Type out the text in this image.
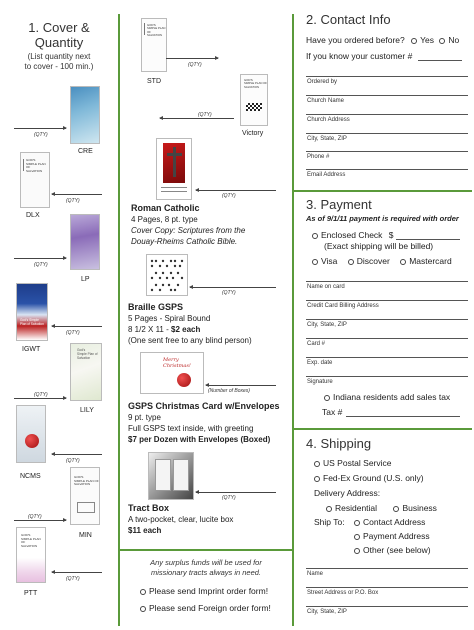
1. Cover &
Quantity
(List quantity next
to cover - 100 min.)
(QTY)
CRE
GOD'S
SIMPLE PLAN OF
SALVATION
(QTY)
DLX
(QTY)
LP
God's Simple
Plan of Salvation
(QTY)
IGWT	God's
Simple Plan of
Salvation
(QTY)
LILY
(QTY)
NCMS	GOD'S
SIMPLE PLAN OF
SALVATION
(QTY)
MIN
GOD'S
SIMPLE PLAN OF
SALVATION
(QTY)
PTT
GOD'S
SIMPLE PLAN OF
SALVATION
(QTY)
STD	GOD'S
SIMPLE PLAN OF
SALVATION
(QTY)
Victory
(QTY)
Roman Catholic
4 Pages, 8 pt. type
Cover Copy: Scriptures from the
Douay-Rheims Catholic Bible.
(QTY)
Braille GSPS
5 Pages - Spiral Bound
8 1/2 X 11 - $2 each
(One sent free to any blind person)
Merry Christmas!
(Number of Boxes)
GSPS Christmas Card w/Envelopes
9 pt. type
Full GSPS text inside, with greeting
$7 per Dozen with Envelopes (Boxed)
(QTY)
Tract Box
A two-pocket, clear, lucite box
$11 each
Any surplus funds will be used for
missionary tracts always in need.
Please send Imprint order form!
Please send Foreign order form!
2. Contact Info
Have you ordered before? Yes No
If you know your customer #
Ordered by
Church Name
Church Address
City, State, ZIP
Phone #
Email Address
3. Payment
As of 9/1/11 payment is required with order
Enclosed Check $
(Exact shipping will be billed)
Visa Discover Mastercard
Name on card
Credit Card Billing Address
City, State, ZIP
Card #
Exp. date
Signature
Indiana residents add sales tax
Tax #
4. Shipping
US Postal Service
Fed-Ex Ground (U.S. only)
Delivery Address:
Residential	Business
Ship To:	Contact Address
Payment Address
Other (see below)
Name
Street Address or P.O. Box
City, State, ZIP
